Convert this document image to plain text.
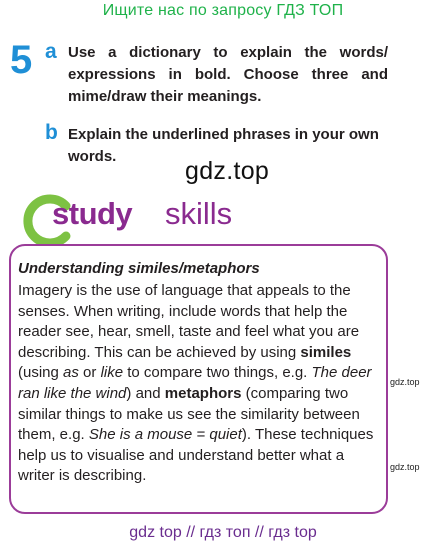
Ищите нас по запросу ГДЗ ТОП
5 a Use a dictionary to explain the words/ expressions in bold. Choose three and mime/draw their meanings.
b Explain the underlined phrases in your own words.
gdz.top
study skills
Understanding similes/metaphors
Imagery is the use of language that appeals to the
senses. When writing, include words that help the
reader see, hear, smell, taste and feel what you are
describing. This can be achieved by using similes
(using as or like to compare two things, e.g. The deer
ran like the wind) and metaphors (comparing two
similar things to make us see the similarity between
them, e.g. She is a mouse = quiet). These techniques
help us to visualise and understand better what a
writer is describing.
gdz.top
gdz.top
gdz top // гдз топ // гдз top
